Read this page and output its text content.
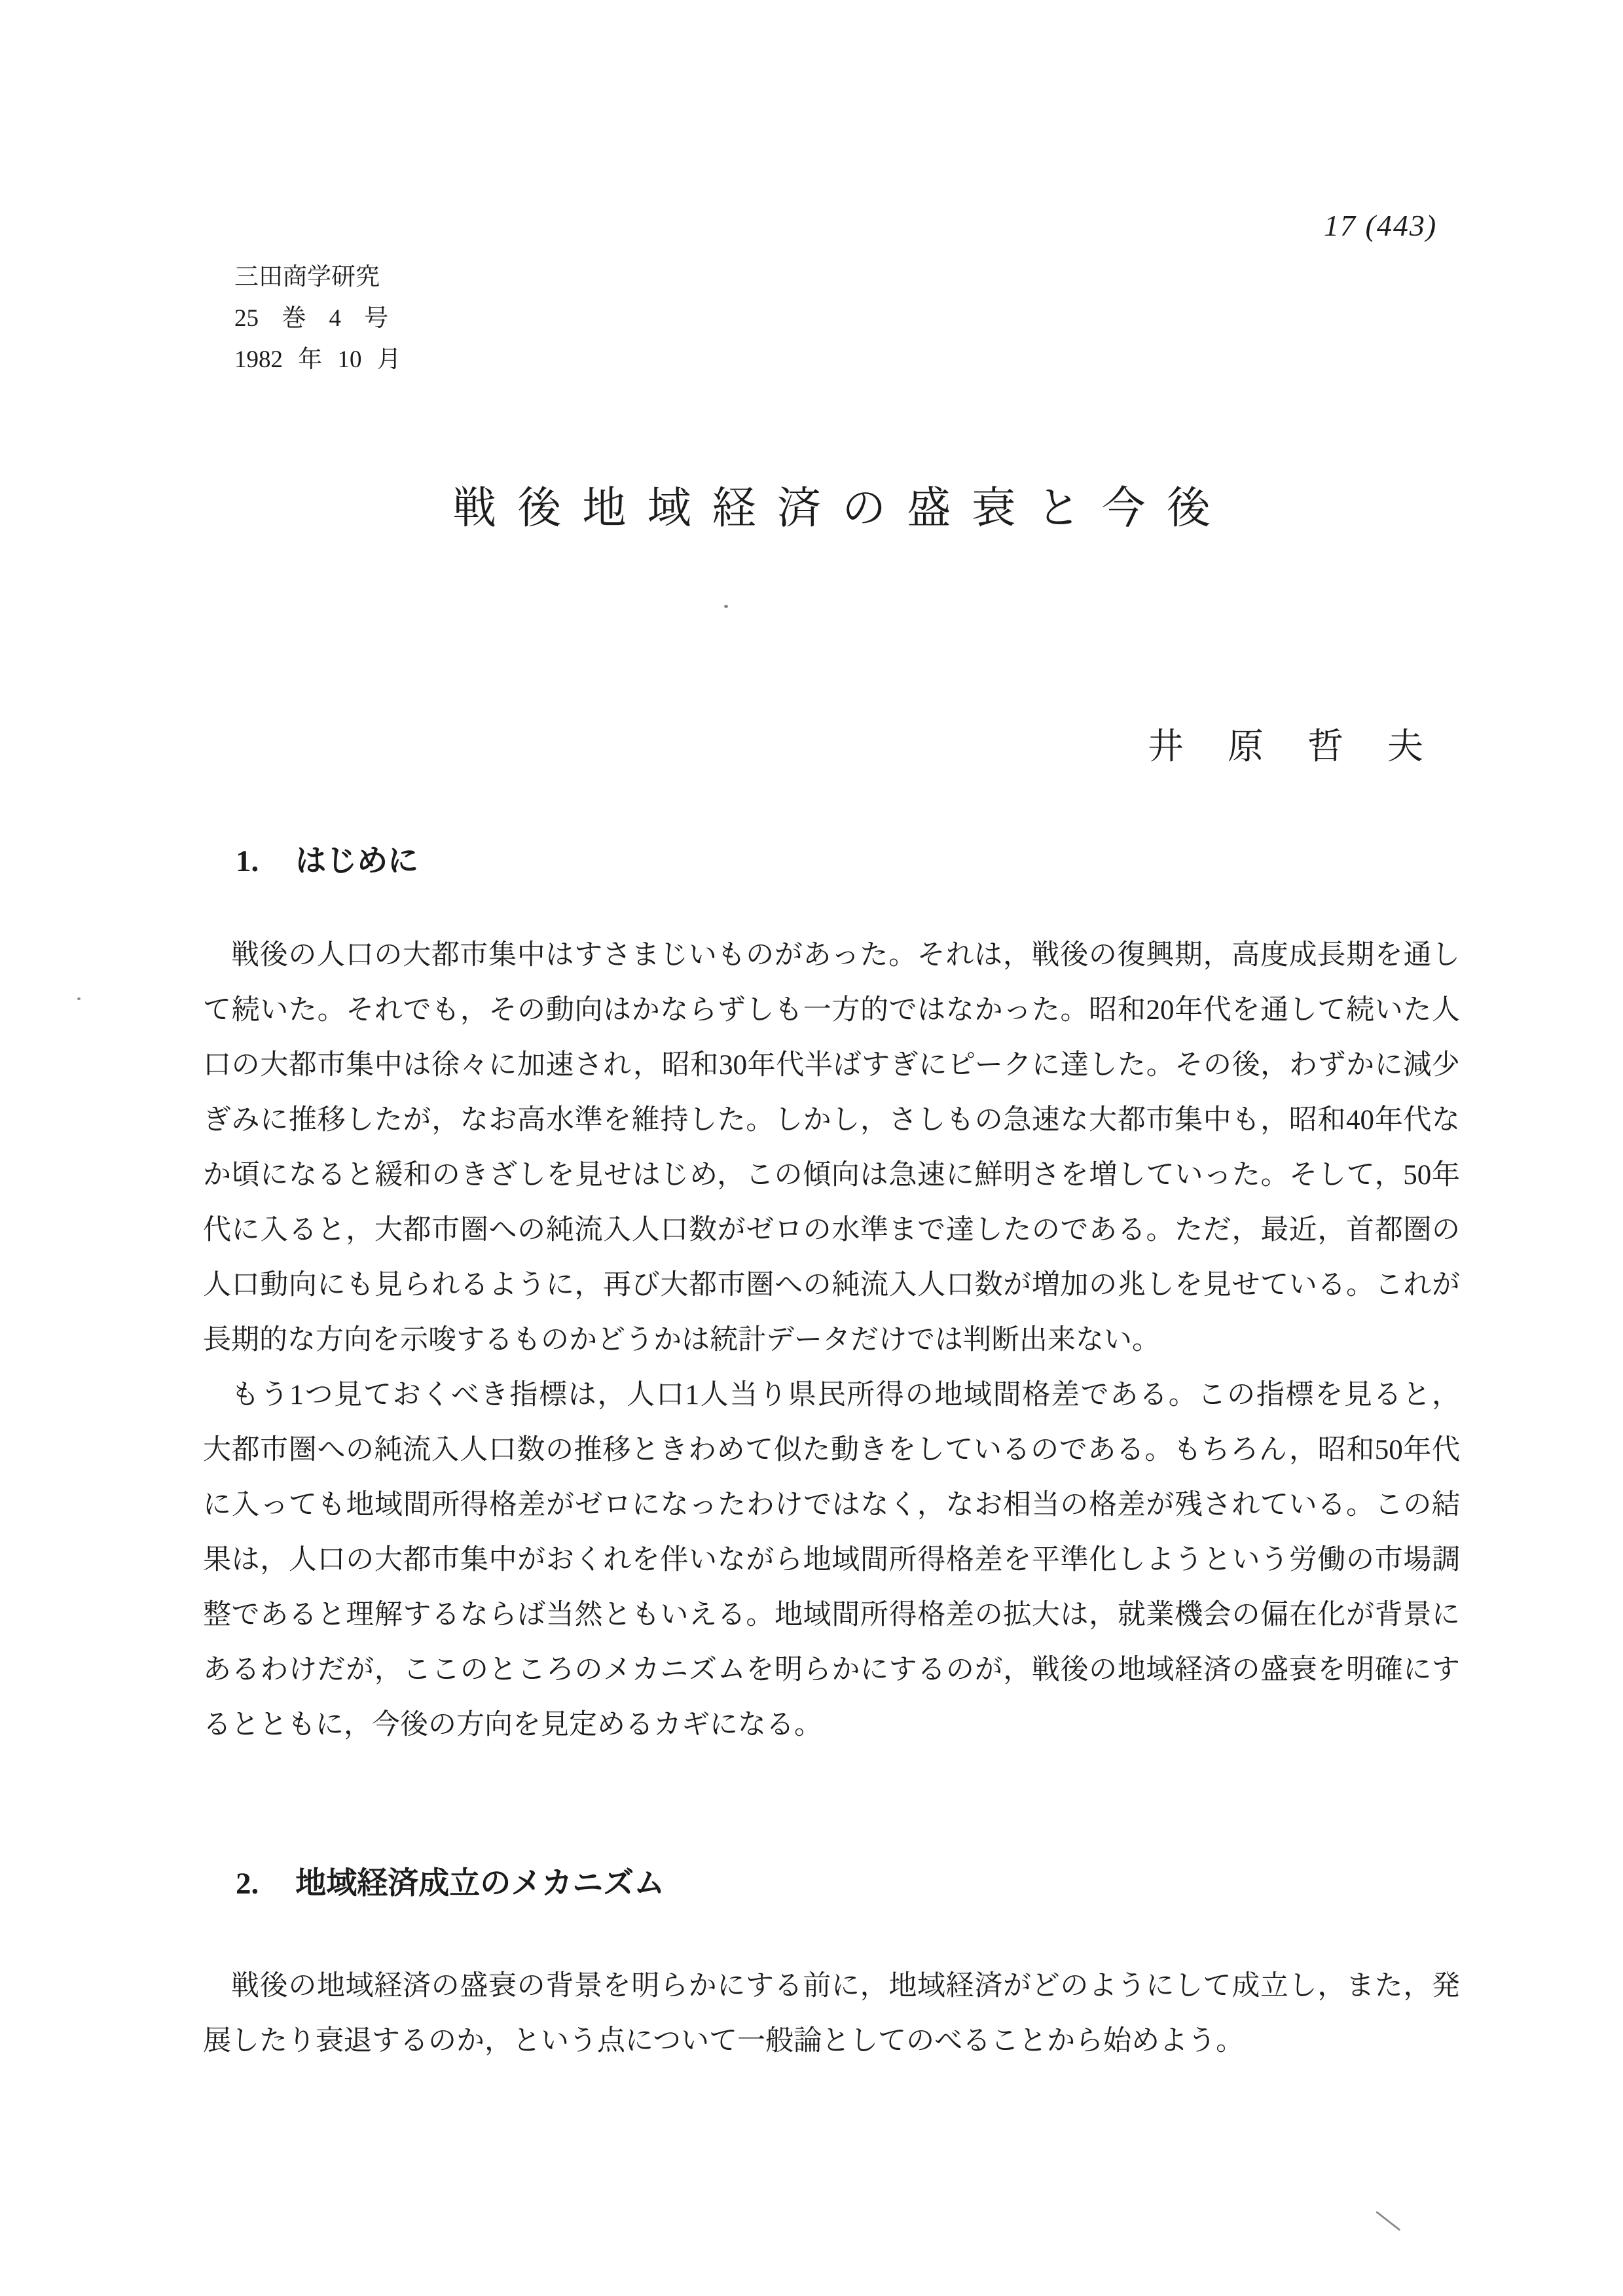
17 (443)
三田商学研究
25 巻 4 号
1982 年 10 月
戦後地域経済の盛衰と今後
井　原　哲　夫
1. はじめに
戦後の人口の大都市集中はすさまじいものがあった。それは，戦後の復興期，高度成長期を通し
て続いた。それでも，その動向はかならずしも一方的ではなかった。昭和20年代を通して続いた人
口の大都市集中は徐々に加速され，昭和30年代半ばすぎにピークに達した。その後，わずかに減少
ぎみに推移したが，なお高水準を維持した。しかし，さしもの急速な大都市集中も，昭和40年代な
か頃になると緩和のきざしを見せはじめ，この傾向は急速に鮮明さを増していった。そして，50年
代に入ると，大都市圏への純流入人口数がゼロの水準まで達したのである。ただ，最近，首都圏の
人口動向にも見られるように，再び大都市圏への純流入人口数が増加の兆しを見せている。これが
長期的な方向を示唆するものかどうかは統計データだけでは判断出来ない。
もう1つ見ておくべき指標は，人口1人当り県民所得の地域間格差である。この指標を見ると，
大都市圏への純流入人口数の推移ときわめて似た動きをしているのである。もちろん，昭和50年代
に入っても地域間所得格差がゼロになったわけではなく，なお相当の格差が残されている。この結
果は，人口の大都市集中がおくれを伴いながら地域間所得格差を平準化しようという労働の市場調
整であると理解するならば当然ともいえる。地域間所得格差の拡大は，就業機会の偏在化が背景に
あるわけだが，ここのところのメカニズムを明らかにするのが，戦後の地域経済の盛衰を明確にす
るとともに，今後の方向を見定めるカギになる。
2. 地域経済成立のメカニズム
戦後の地域経済の盛衰の背景を明らかにする前に，地域経済がどのようにして成立し，また，発
展したり衰退するのか，という点について一般論としてのべることから始めよう。
